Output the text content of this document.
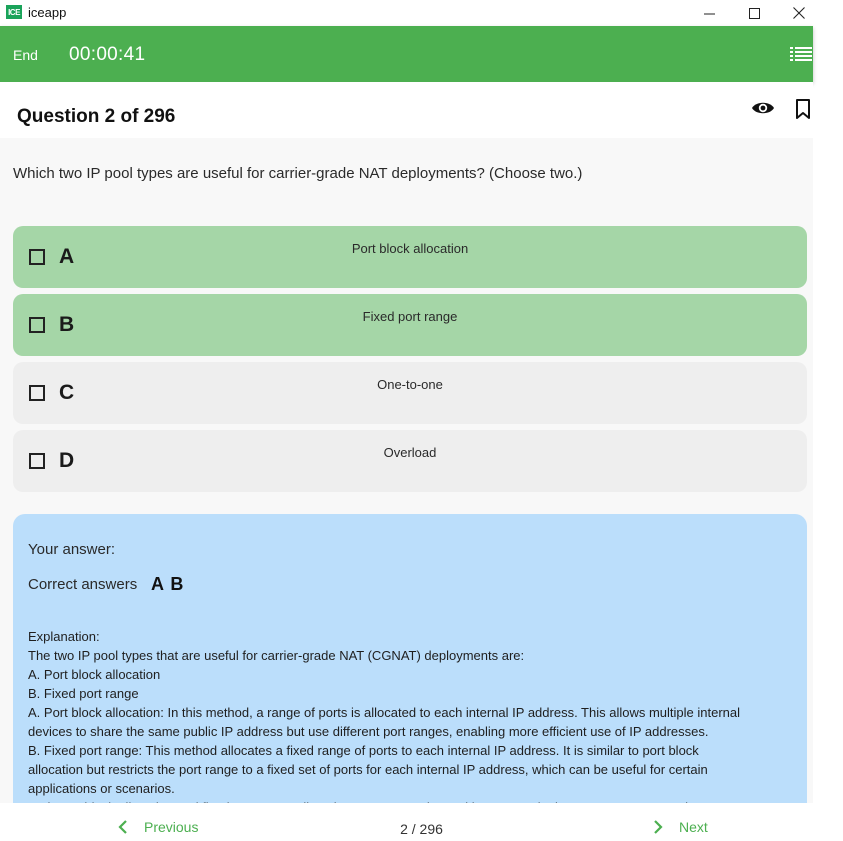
ICE iceapp
End 00:00:41
Question 2 of 296
Which two IP pool types are useful for carrier-grade NAT deployments? (Choose two.)
A	Port block allocation
B	Fixed port range
C	One-to-one
D	Overload
Your answer:
Correct answers A B
Explanation:
The two IP pool types that are useful for carrier-grade NAT (CGNAT) deployments are:
A. Port block allocation
B. Fixed port range
A. Port block allocation: In this method, a range of ports is allocated to each internal IP address. This allows multiple internal
devices to share the same public IP address but use different port ranges, enabling more efficient use of IP addresses.
B. Fixed port range: This method allocates a fixed range of ports to each internal IP address. It is similar to port block
allocation but restricts the port range to a fixed set of ports for each internal IP address, which can be useful for certain
applications or scenarios.
Previous	2 / 296	Next
